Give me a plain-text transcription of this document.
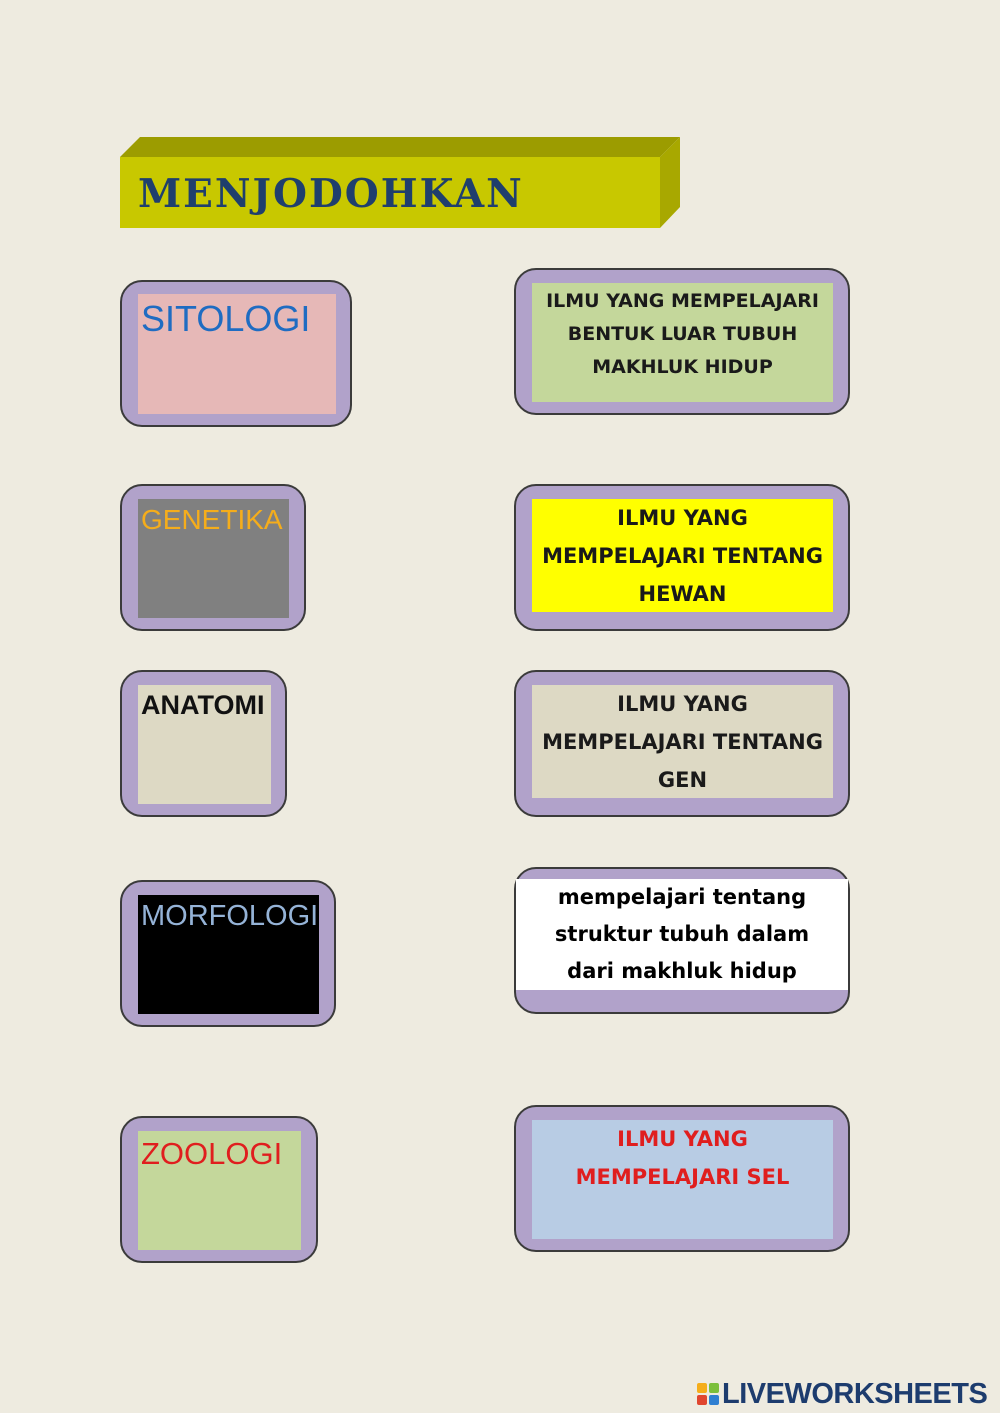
MENJODOHKAN
SITOLOGI
GENETIKA
ANATOMI
MORFOLOGI
ZOOLOGI
ILMU YANG MEMPELAJARI
BENTUK LUAR TUBUH
MAKHLUK HIDUP
ILMU YANG
MEMPELAJARI TENTANG
HEWAN
ILMU YANG
MEMPELAJARI TENTANG
GEN
mempelajari tentang
struktur tubuh dalam
dari makhluk hidup
ILMU YANG
MEMPELAJARI SEL
LIVEWORKSHEETS
